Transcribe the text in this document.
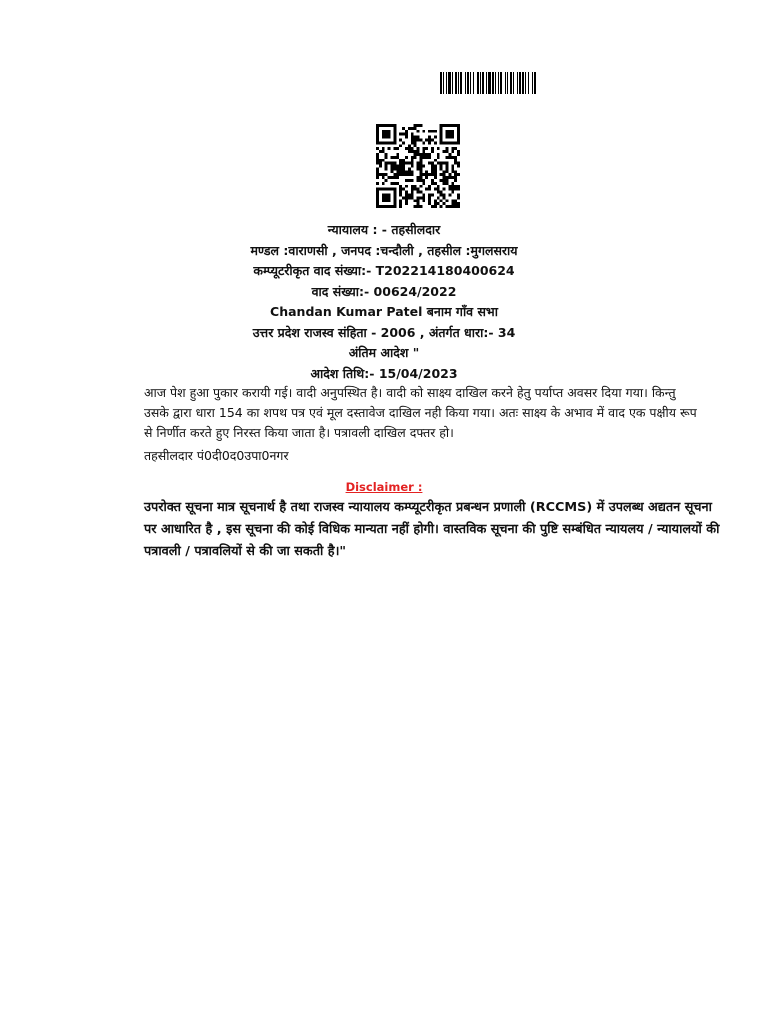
न्यायालय : - तहसीलदार
मण्डल :वाराणसी , जनपद :चन्दौली , तहसील :मुगलसराय
कम्प्यूटरीकृत वाद संख्या:- T202214180400624
वाद संख्या:- 00624/2022
Chandan Kumar Patel बनाम गाँव सभा
उत्तर प्रदेश राजस्व संहिता - 2006 , अंतर्गत धारा:- 34
अंतिम आदेश "
आदेश तिथि:- 15/04/2023
आज पेश हुआ पुकार करायी गई। वादी अनुपस्थित है। वादी को साक्ष्य दाखिल करने हेतु पर्याप्त अवसर दिया गया। किन्तु उसके द्वारा धारा 154 का शपथ पत्र एवं मूल दस्तावेज दाखिल नही किया गया। अतः साक्ष्य के अभाव में वाद एक पक्षीय रूप से निर्णीत करते हुए निरस्त किया जाता है। पत्रावली दाखिल दफ्तर हो।
तहसीलदार पं0दी0द0उपा0नगर
Disclaimer :
उपरोक्त सूचना मात्र सूचनार्थ है तथा राजस्व न्यायालय कम्प्यूटरीकृत प्रबन्धन प्रणाली (RCCMS) में उपलब्ध अद्यतन सूचना पर आधारित है , इस सूचना की कोई विधिक मान्यता नहीं होगी। वास्तविक सूचना की पुष्टि सम्बंधित न्यायलय / न्यायालयों की पत्रावली / पत्रावलियों से की जा सकती है।"
